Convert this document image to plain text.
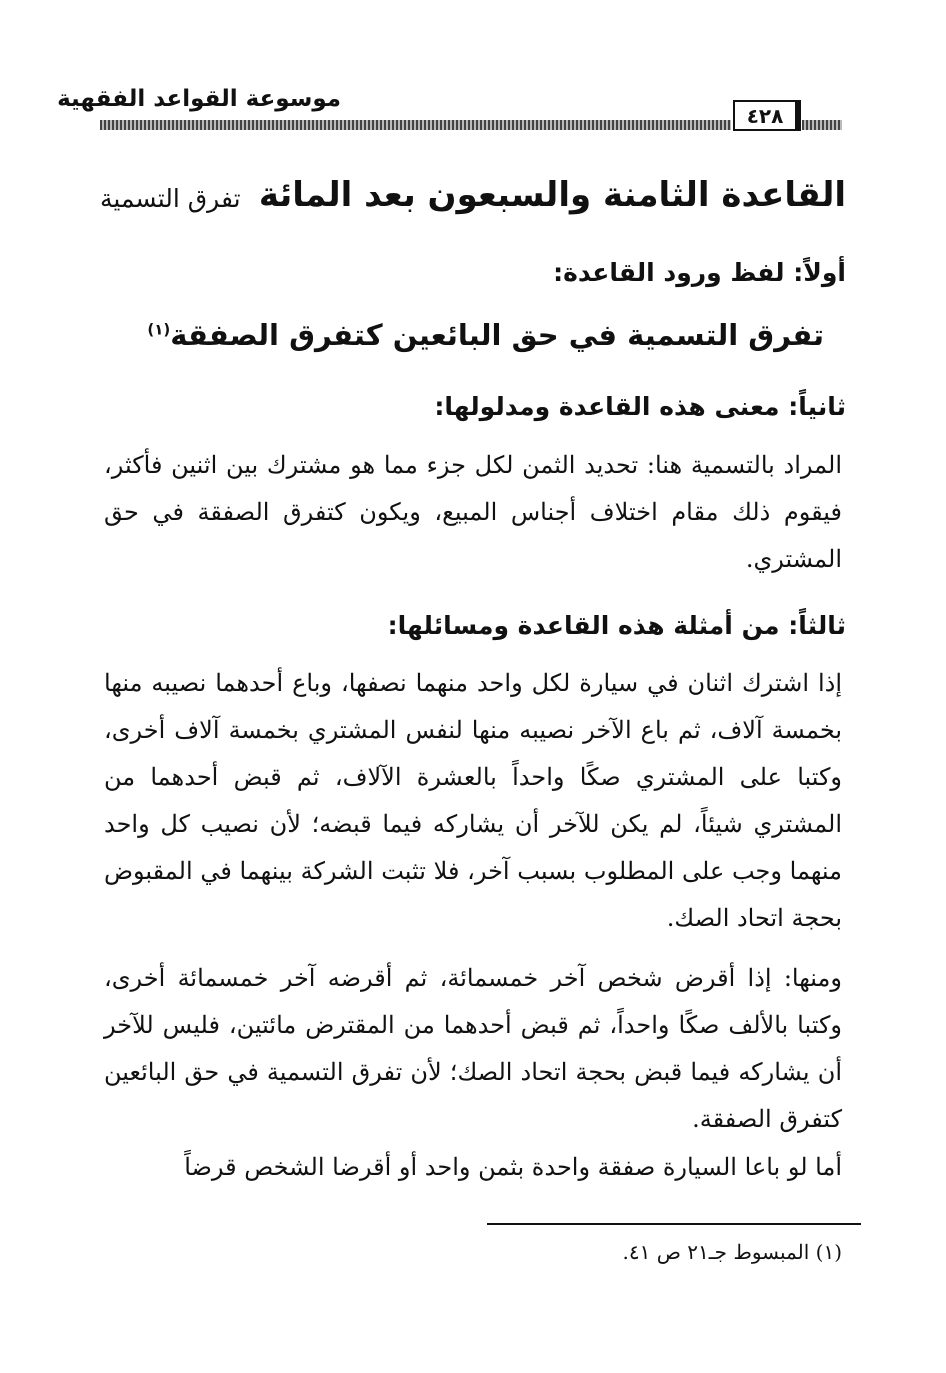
موسوعة القواعد الفقهية
٤٢٨
القاعدة الثامنة والسبعون بعد المائة
تفرق التسمية
أولاً: لفظ ورود القاعدة:
تفرق التسمية في حق البائعين كتفرق الصفقة$^{(١)}$
ثانياً: معنى هذه القاعدة ومدلولها:
المراد بالتسمية هنا: تحديد الثمن لكل جزء مما هو مشترك بين اثنين فأكثر، فيقوم ذلك مقام اختلاف أجناس المبيع، ويكون كتفرق الصفقة في حق المشتري.
ثالثاً: من أمثلة هذه القاعدة ومسائلها:
إذا اشترك اثنان في سيارة لكل واحد منهما نصفها، وباع أحدهما نصيبه منها بخمسة آلاف، ثم باع الآخر نصيبه منها لنفس المشتري بخمسة آلاف أخرى، وكتبا على المشتري صكًا واحداً بالعشرة الآلاف، ثم قبض أحدهما من المشتري شيئاً، لم يكن للآخر أن يشاركه فيما قبضه؛ لأن نصيب كل واحد منهما وجب على المطلوب بسبب آخر، فلا تثبت الشركة بينهما في المقبوض بحجة اتحاد الصك.
ومنها: إذا أقرض شخص آخر خمسمائة، ثم أقرضه آخر خمسمائة أخرى، وكتبا بالألف صكًا واحداً، ثم قبض أحدهما من المقترض مائتين، فليس للآخر أن يشاركه فيما قبض بحجة اتحاد الصك؛ لأن تفرق التسمية في حق البائعين كتفرق الصفقة.
أما لو باعا السيارة صفقة واحدة بثمن واحد أو أقرضا الشخص قرضاً
(١) المبسوط جـ٢١ ص ٤١.
